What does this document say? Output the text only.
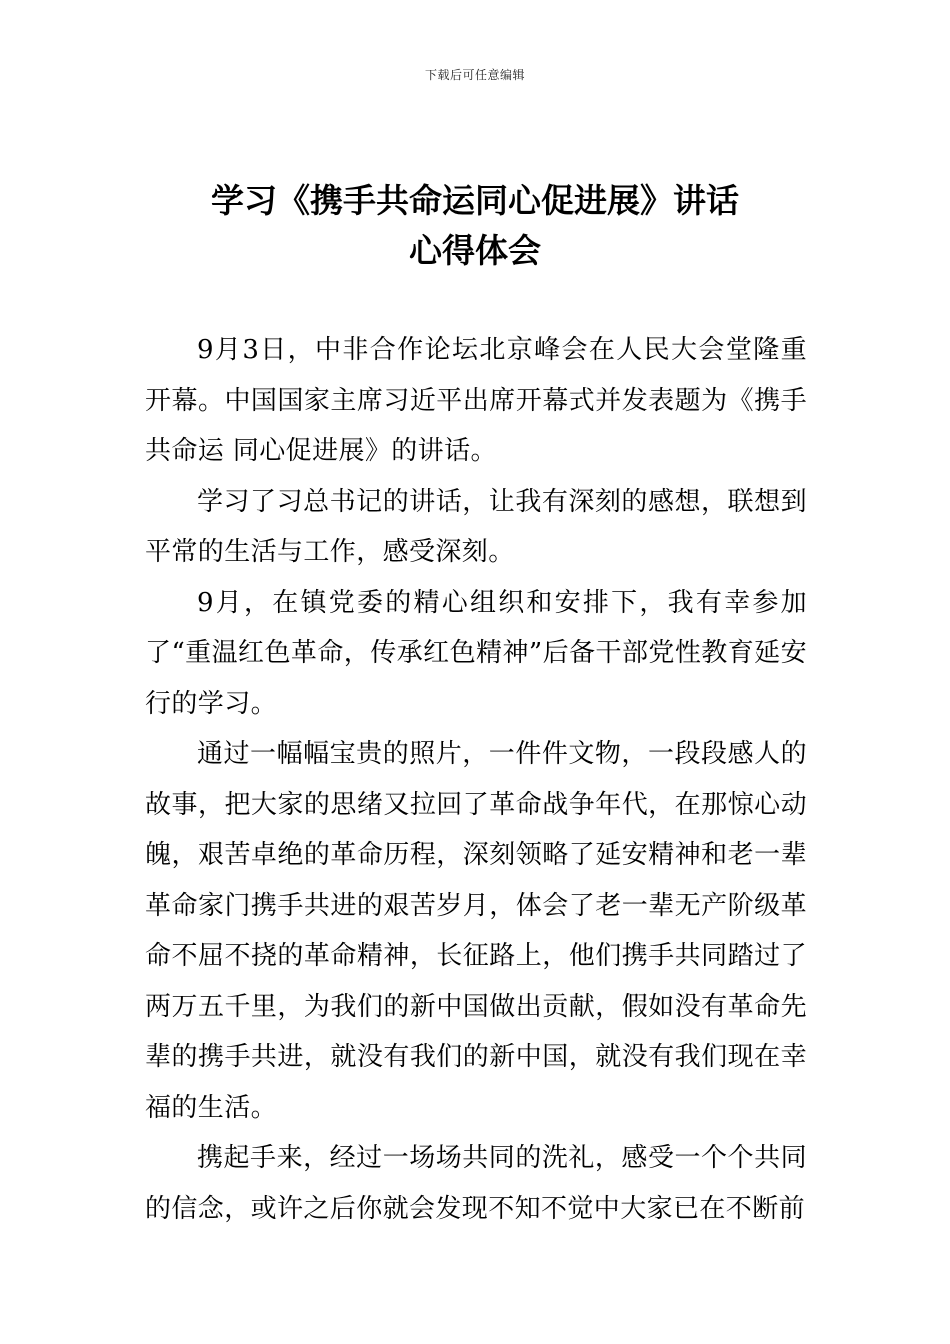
下载后可任意编辑
学习《携手共命运同心促进展》讲话
心得体会

9月3日，中非合作论坛北京峰会在人民大会堂隆重开幕。中国国家主席习近平出席开幕式并发表题为《携手共命运 同心促进展》的讲话。

学习了习总书记的讲话，让我有深刻的感想，联想到平常的生活与工作，感受深刻。

9月，在镇党委的精心组织和安排下，我有幸参加了“重温红色革命，传承红色精神”后备干部党性教育延安行的学习。

通过一幅幅宝贵的照片，一件件文物，一段段感人的故事，把大家的思绪又拉回了革命战争年代，在那惊心动魄，艰苦卓绝的革命历程，深刻领略了延安精神和老一辈革命家门携手共进的艰苦岁月，体会了老一辈无产阶级革命不屈不挠的革命精神，长征路上，他们携手共同踏过了两万五千里，为我们的新中国做出贡献，假如没有革命先辈的携手共进，就没有我们的新中国，就没有我们现在幸福的生活。

携起手来，经过一场场共同的洗礼，感受一个个共同的信念，或许之后你就会发现不知不觉中大家已在不断前
